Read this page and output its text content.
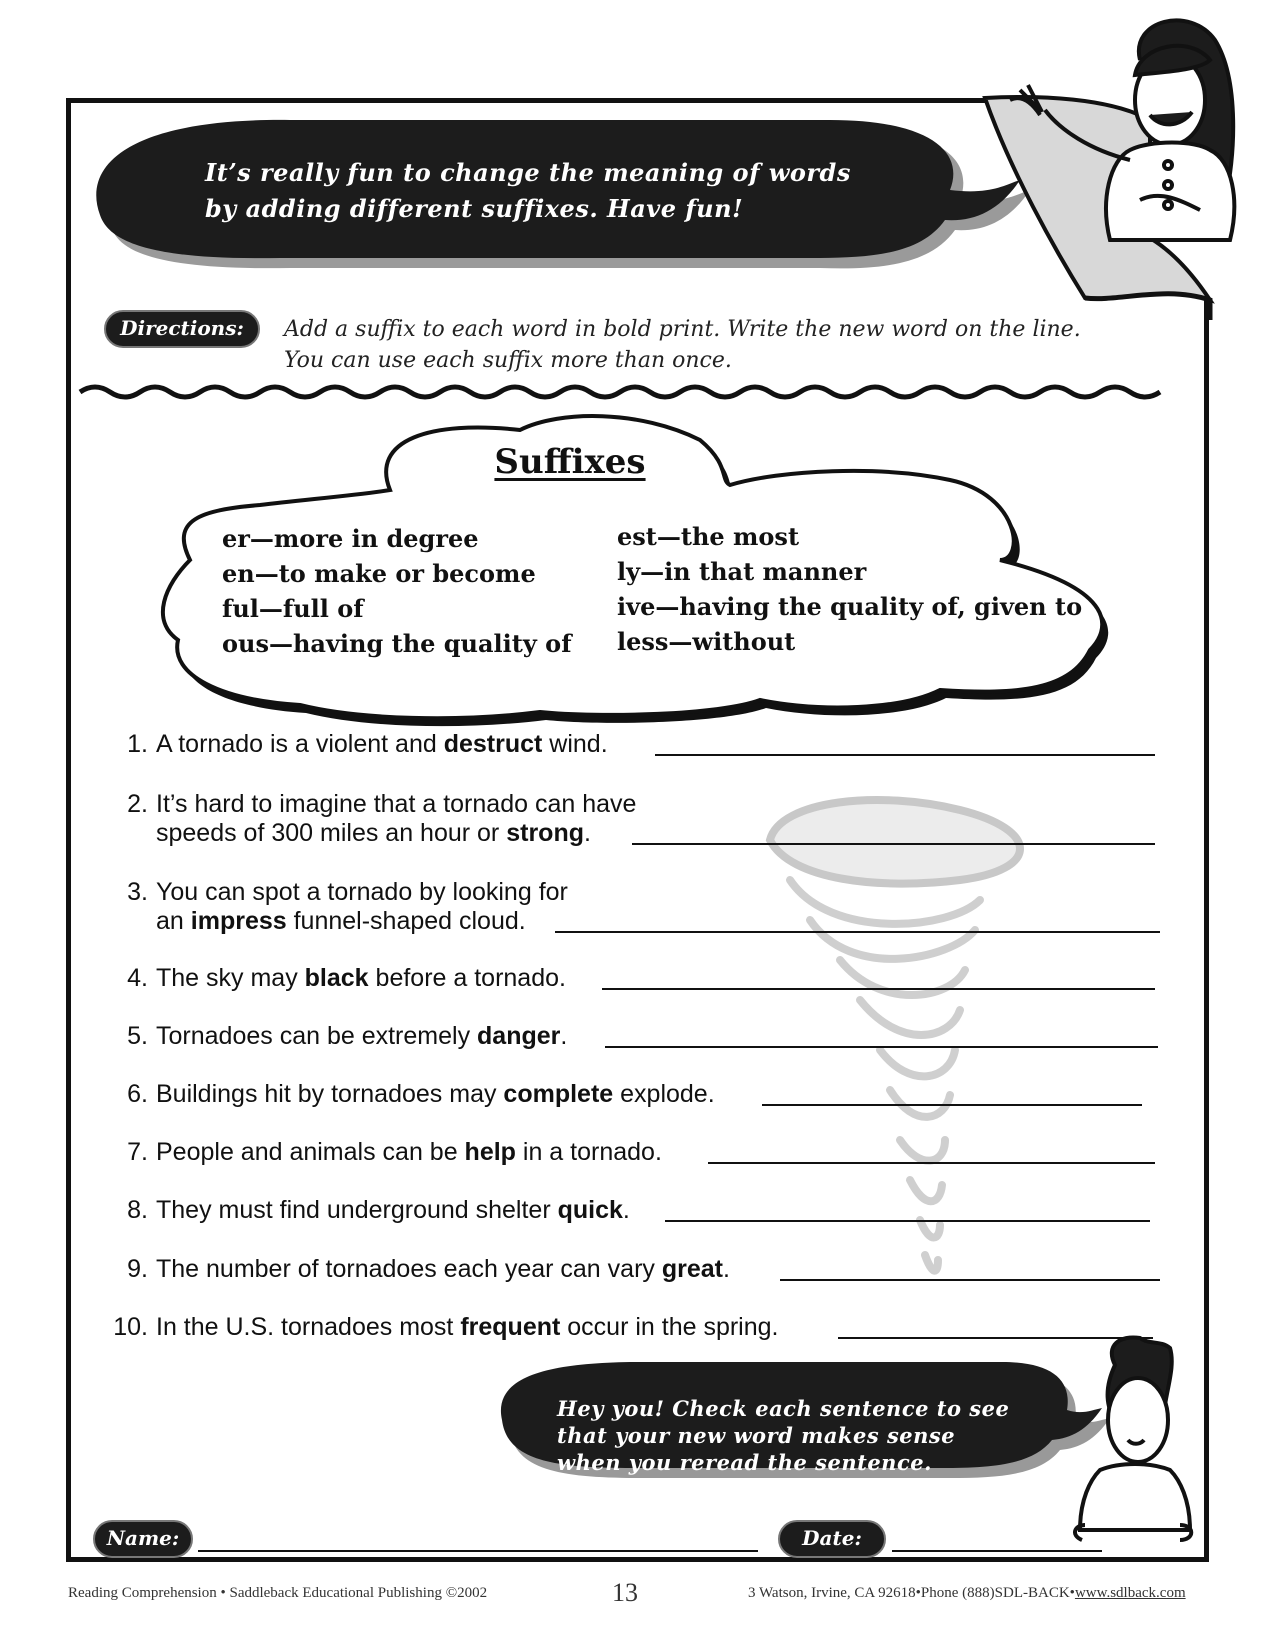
It’s really fun to change the meaning of words
by adding different suffixes. Have fun!
Directions:	Add a suffix to each word in bold print. Write the new word on the line.
You can use each suffix more than once.
Suffixes
er—more in degree
en—to make or become
ful—full of
ous—having the quality of
est—the most
ly—in that manner
ive—having the quality of, given to
less—without
1. A tornado is a violent and destruct wind.
2. It’s hard to imagine that a tornado can have
speeds of 300 miles an hour or strong.
3. You can spot a tornado by looking for
an impress funnel-shaped cloud.
4. The sky may black before a tornado.
5. Tornadoes can be extremely danger.
6. Buildings hit by tornadoes may complete explode.
7. People and animals can be help in a tornado.
8. They must find underground shelter quick.
9. The number of tornadoes each year can vary great.
10. In the U.S. tornadoes most frequent occur in the spring.
Hey you! Check each sentence to see
that your new word makes sense
when you reread the sentence.
Name:	Date:
Reading Comprehension • Saddleback Educational Publishing ©2002	13	3 Watson, Irvine, CA 92618•Phone (888)SDL-BACK•www.sdlback.com
